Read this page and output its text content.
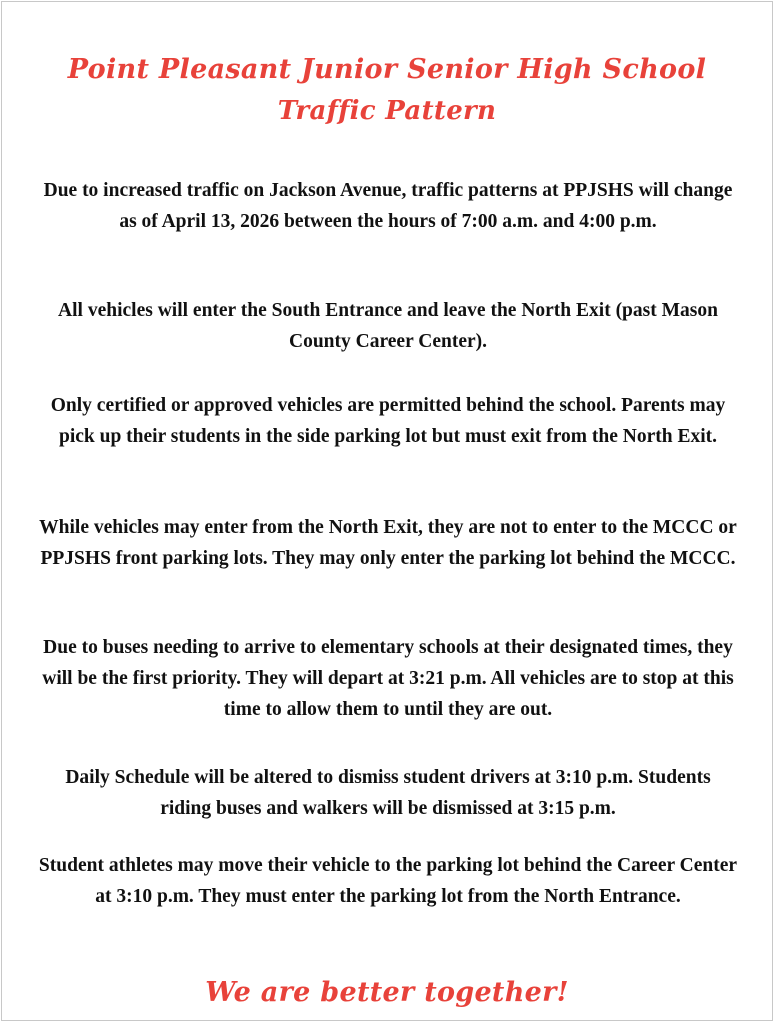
Point Pleasant Junior Senior High School
Traffic Pattern
Due to increased traffic on Jackson Avenue, traffic patterns at PPJSHS will change as of April 13, 2026 between the hours of 7:00 a.m. and 4:00 p.m.
All vehicles will enter the South Entrance and leave the North Exit (past Mason County Career Center).
Only certified or approved vehicles are permitted behind the school. Parents may pick up their students in the side parking lot but must exit from the North Exit.
While vehicles may enter from the North Exit, they are not to enter to the MCCC or PPJSHS front parking lots. They may only enter the parking lot behind the MCCC.
Due to buses needing to arrive to elementary schools at their designated times, they will be the first priority. They will depart at 3:21 p.m. All vehicles are to stop at this time to allow them to until they are out.
Daily Schedule will be altered to dismiss student drivers at 3:10 p.m. Students riding buses and walkers will be dismissed at 3:15 p.m.
Student athletes may move their vehicle to the parking lot behind the Career Center at 3:10 p.m. They must enter the parking lot from the North Entrance.
We are better together!
